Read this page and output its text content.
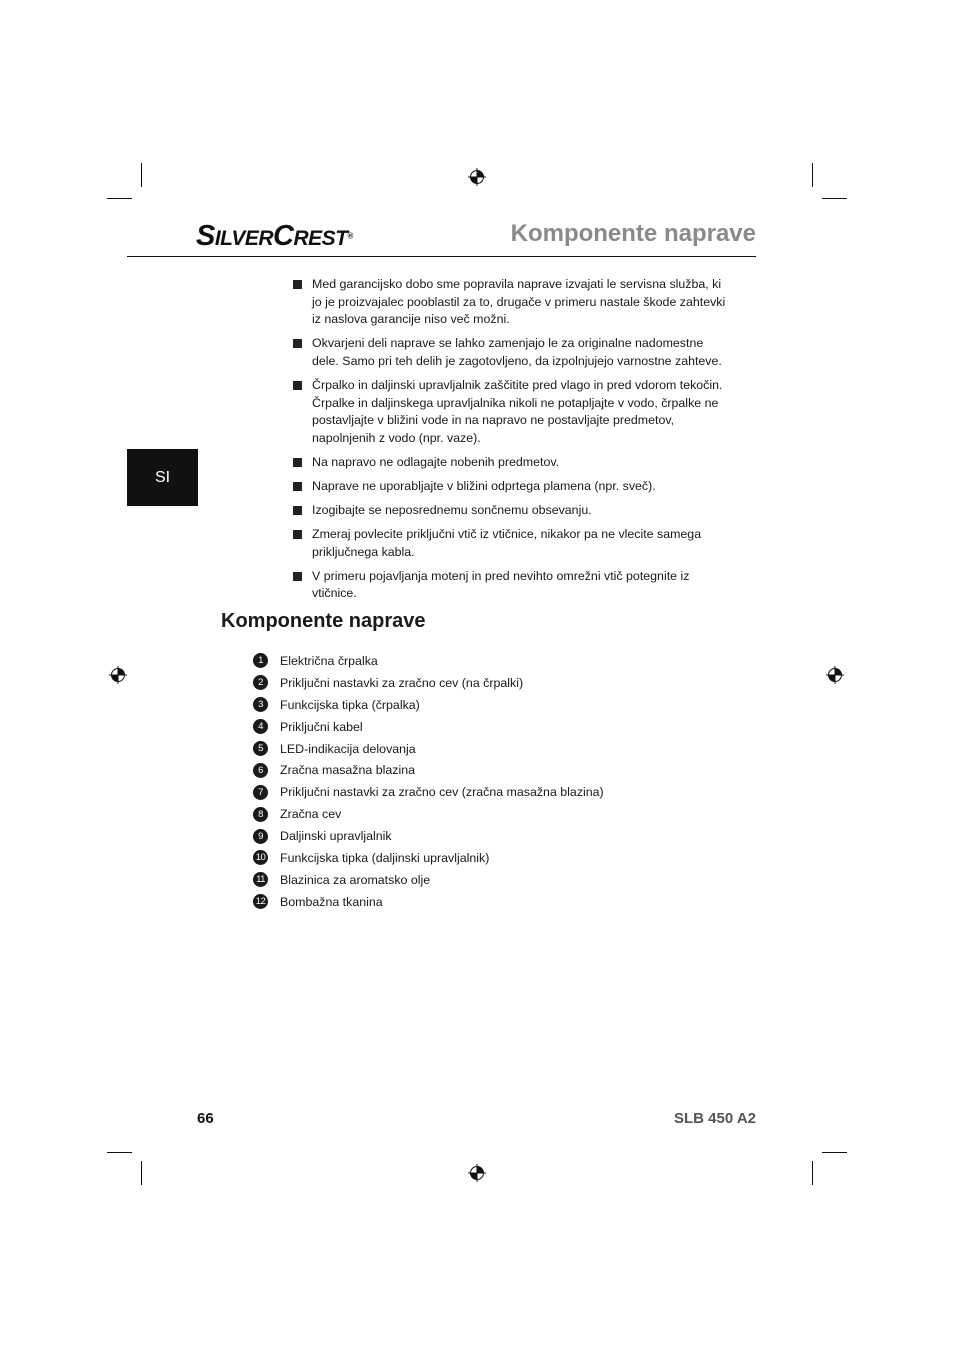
SILVERCREST®	Komponente naprave
SI
Med garancijsko dobo sme popravila naprave izvajati le servisna služba, ki jo je proizvajalec pooblastil za to, drugače v primeru nastale škode zahtevki iz naslova garancije niso več možni.
Okvarjeni deli naprave se lahko zamenjajo le za originalne nadomestne dele. Samo pri teh delih je zagotovljeno, da izpolnjujejo varnostne zahteve.
Črpalko in daljinski upravljalnik zaščitite pred vlago in pred vdorom tekočin. Črpalke in daljinskega upravljalnika nikoli ne potapljajte v vodo, črpalke ne postavljajte v bližini vode in na napravo ne postavljajte predmetov, napolnjenih z vodo (npr. vaze).
Na napravo ne odlagajte nobenih predmetov.
Naprave ne uporabljajte v bližini odprtega plamena (npr. sveč).
Izogibajte se neposrednemu sončnemu obsevanju.
Zmeraj povlecite priključni vtič iz vtičnice, nikakor pa ne vlecite samega priključnega kabla.
V primeru pojavljanja motenj in pred nevihto omrežni vtič potegnite iz vtičnice.
Komponente naprave
1	Električna črpalka
2	Priključni nastavki za zračno cev (na črpalki)
3	Funkcijska tipka (črpalka)
4	Priključni kabel
5	LED-indikacija delovanja
6	Zračna masažna blazina
7	Priključni nastavki za zračno cev (zračna masažna blazina)
8	Zračna cev
9	Daljinski upravljalnik
10 Funkcijska tipka (daljinski upravljalnik)
11 Blazinica za aromatsko olje
12 Bombažna tkanina
66	SLB 450 A2
